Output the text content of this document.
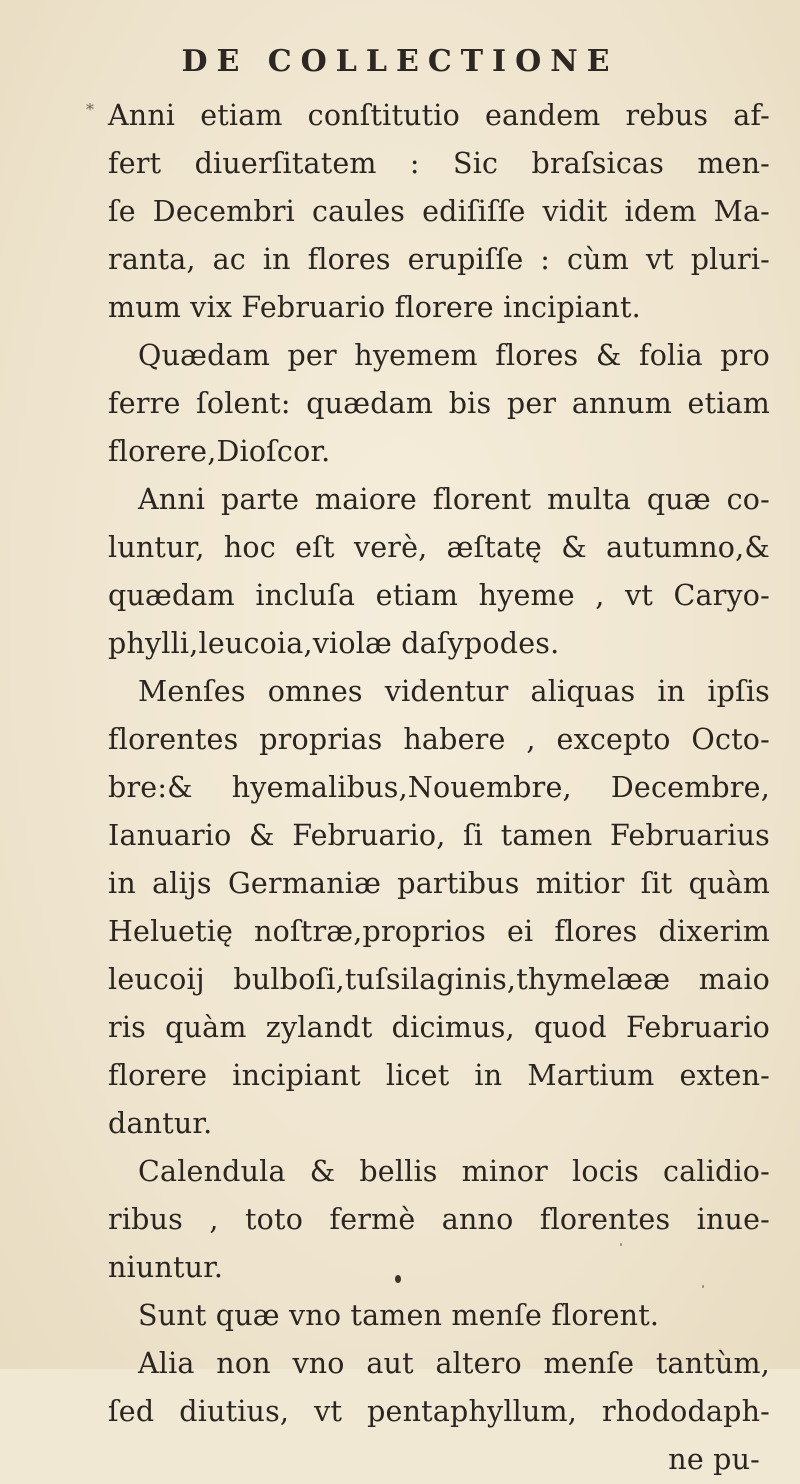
DE COLLECTIONE
* Anni etiam conſtitutio eandem rebus af-
fert diuerſitatem : Sic braſsicas men-
ſe Decembri caules ediſiſſe vidit idem Ma-
ranta, ac in flores erupiſſe : cùm vt pluri-
mum vix Februario florere incipiant.
Quædam per hyemem flores & folia pro
ferre ſolent: quædam bis per annum etiam
florere,Dioſcor.
Anni parte maiore florent multa quæ co-
luntur, hoc eſt verè, æſtatę & autumno,&
quædam incluſa etiam hyeme , vt Caryo-
phylli,leucoia,violæ daſypodes.
Menſes omnes videntur aliquas in ipſis
florentes proprias habere , excepto Octo-
bre:& hyemalibus,Nouembre, Decembre,
Ianuario & Februario, ſi tamen Februarius
in alijs Germaniæ partibus mitior ſit quàm
Heluetię noſtræ,proprios ei flores dixerim
leucoij bulboſi,tuſsilaginis,thymelææ maio
ris quàm zylandt dicimus, quod Februario
florere incipiant licet in Martium exten-
dantur.
Calendula & bellis minor locis calidio-
ribus , toto fermè anno florentes inue-
niuntur.
Sunt quæ vno tamen menſe florent.
Alia non vno aut altero menſe tantùm,
ſed diutius, vt pentaphyllum, rhododaph-
ne pu-
